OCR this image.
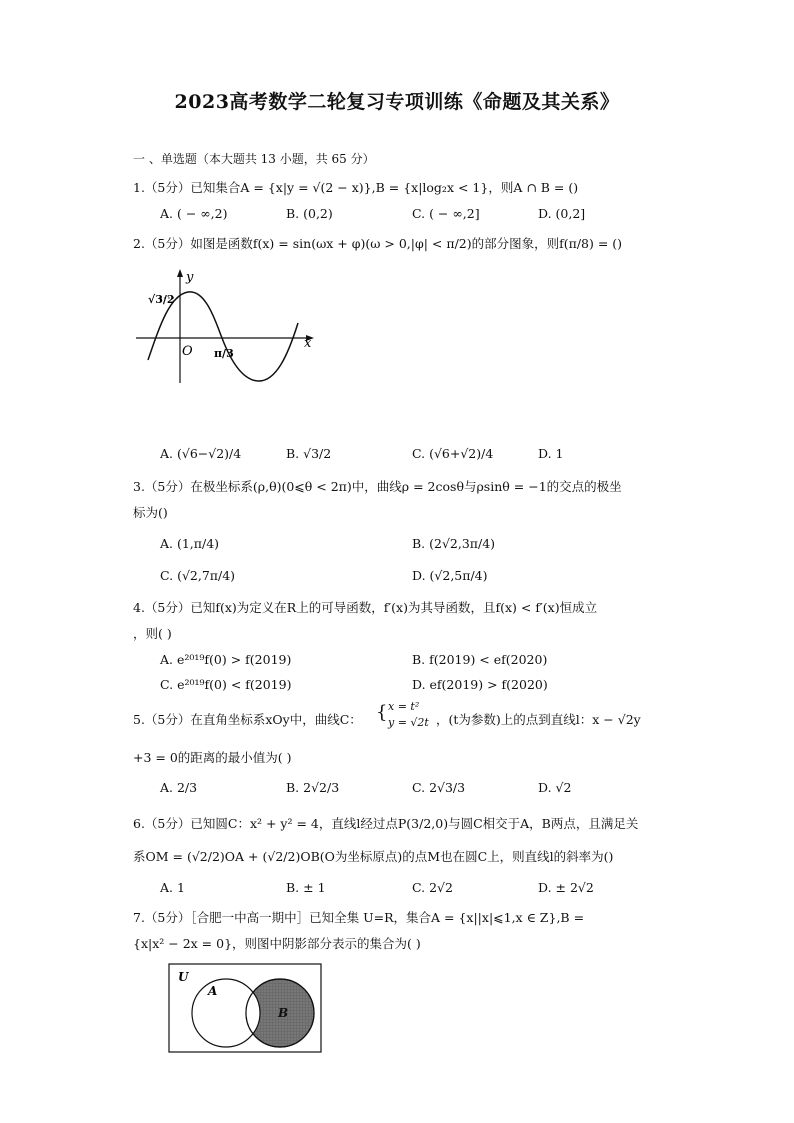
2023高考数学二轮复习专项训练《命题及其关系》
一 、单选题（本大题共 13 小题，共 65 分）
1.（5分）已知集合A = {x|y = √(2 − x)},B = {x|log₂x < 1}，则A ∩ B = ()
A. ( − ∞,2)	B. (0,2)	C. ( − ∞,2]	D. (0,2]
2.（5分）如图是函数f(x) = sin(ωx + φ)(ω > 0,|φ| < π/2)的部分图象，则f(π/8) = ()
y
x
O
√3/2
π/3
A. (√6−√2)/4	B. √3/2	C. (√6+√2)/4	D. 1
3.（5分）在极坐标系(ρ,θ)(0⩽θ < 2π)中，曲线ρ = 2cosθ与ρsinθ = −1的交点的极坐
标为()
A. (1,π/4)	B. (2√2,3π/4)
C. (√2,7π/4)	D. (√2,5π/4)
4.（5分）已知f(x)为定义在R上的可导函数，f′(x)为其导函数，且f(x) < f′(x)恒成立
，则( )
A. e²⁰¹⁹f(0) > f(2019)	B. f(2019) < ef(2020)
C. e²⁰¹⁹f(0) < f(2019)	D. ef(2019) > f(2020)
5.（5分）在直角坐标系xOy中，曲线C： { x = t²
y = √2t ，(t为参数)上的点到直线l：x − √2y
+3 = 0的距离的最小值为( )
A. 2/3	B. 2√2/3	C. 2√3/3	D. √2
6.（5分）已知圆C：x² + y² = 4，直线l经过点P(3/2,0)与圆C相交于A，B两点，且满足关
系OM = (√2/2)OA + (√2/2)OB(O为坐标原点)的点M也在圆C上，则直线l的斜率为()
A. 1	B. ± 1	C. 2√2	D. ± 2√2
7.（5分）［合肥一中高一期中］已知全集 U=R，集合A = {x||x|⩽1,x ∈ Z},B =
{x|x² − 2x = 0}，则图中阴影部分表示的集合为( )
U
A
B
